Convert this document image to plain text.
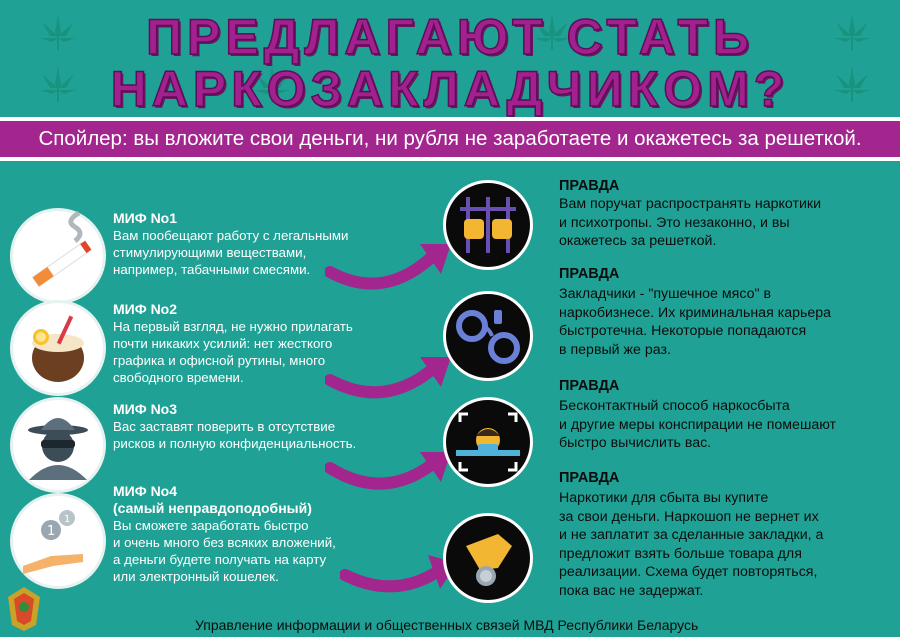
ПРЕДЛАГАЮТ СТАТЬ
НАРКОЗАКЛАДЧИКОМ?
Спойлер: вы вложите свои деньги, ни рубля не заработаете и окажетесь за решеткой.
МИФ No1
Вам пообещают работу с легальными
стимулирующими веществами,
например, табачными смесями.
МИФ No2
На первый взгляд, не нужно прилагать
почти никаких усилий: нет жесткого
графика и офисной рутины, много
свободного времени.
МИФ No3
Вас заставят поверить в отсутствие
рисков и полную конфиденциальность.
1
1
МИФ No4
(самый неправдоподобный)
Вы сможете заработать быстро
и очень много без всяких вложений,
а деньги будете получать на карту
или электронный кошелек.
ПРАВДА
Вам поручат распространять наркотики
и психотропы. Это незаконно, и вы
окажетесь за решеткой.
ПРАВДА
Закладчики - "пушечное мясо" в
наркобизнесе. Их криминальная карьера
быстротечна. Некоторые попадаются
в первый же раз.
ПРАВДА
Бесконтактный способ наркосбыта
и другие меры конспирации не помешают
быстро вычислить вас.
ПРАВДА
Наркотики для сбыта вы купите
за свои деньги. Наркошоп не вернет их
и не заплатит за сделанные закладки, а
предложит взять больше товара для
реализации. Схема будет повторяться,
пока вас не задержат.
Управление информации и общественных связей МВД Республики Беларусь
